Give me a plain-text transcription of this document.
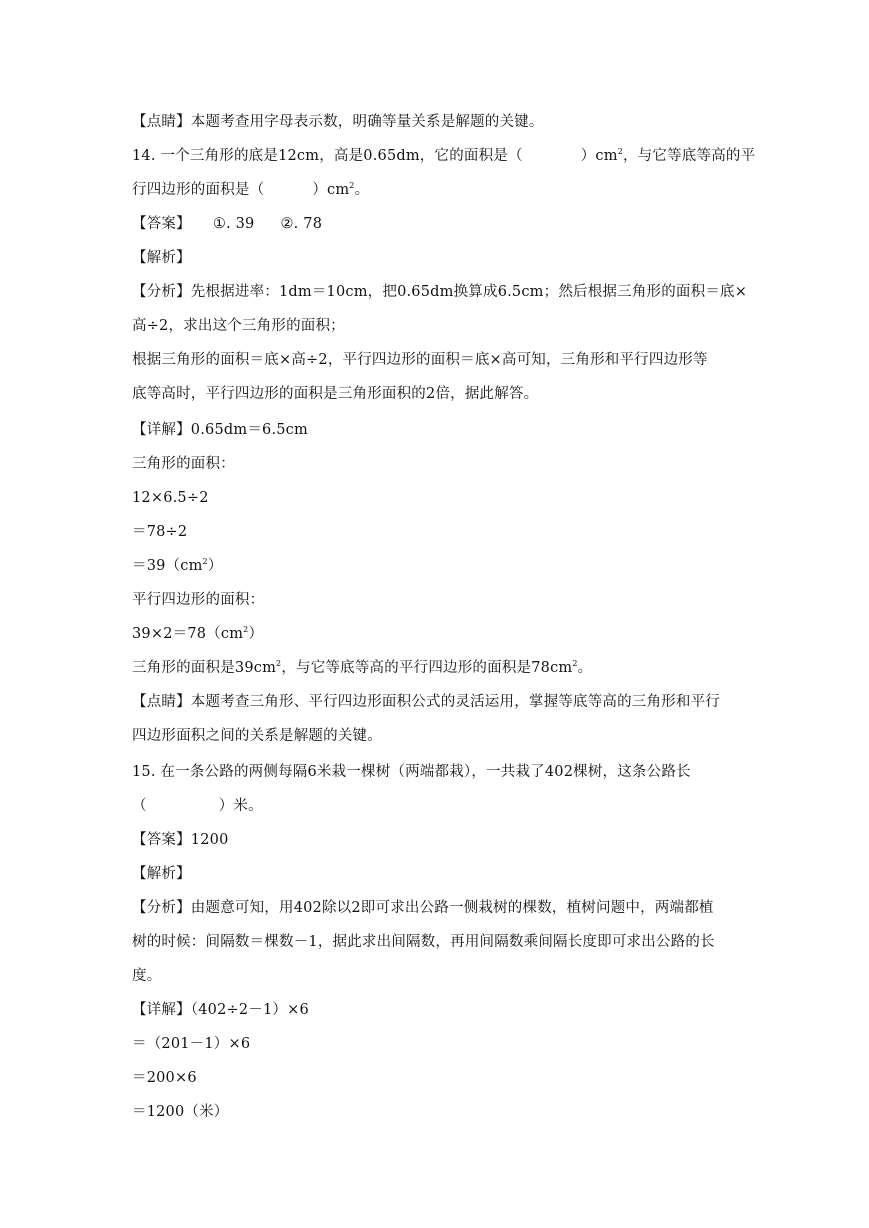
【点睛】本题考查用字母表示数，明确等量关系是解题的关键。
14. 一个三角形的底是12cm，高是0.65dm，它的面积是（	）$cm^2$，与它等底等高的平
行四边形的面积是（	）$cm^2$。
【答案】 ①. 39 ②. 78
【解析】
【分析】先根据进率：1dm＝10cm，把0.65dm换算成6.5cm；然后根据三角形的面积＝底×
高÷2，求出这个三角形的面积；
根据三角形的面积＝底×高÷2，平行四边形的面积＝底×高可知，三角形和平行四边形等
底等高时，平行四边形的面积是三角形面积的2倍，据此解答。
【详解】0.65dm＝6.5cm
三角形的面积：
12×6.5÷2
＝78÷2
$=39(cm^2)$
平行四边形的面积：
$39\times 2=78(cm^2)$
三角形的面积是$39cm^2$，与它等底等高的平行四边形的面积是$78cm^2$。
【点睛】本题考查三角形、平行四边形面积公式的灵活运用，掌握等底等高的三角形和平行
四边形面积之间的关系是解题的关键。
15. 在一条公路的两侧每隔6米栽一棵树（两端都栽），一共栽了402棵树，这条公路长
（	）米。
【答案】1200
【解析】
【分析】由题意可知，用402除以2即可求出公路一侧栽树的棵数，植树问题中，两端都植
树的时候：间隔数＝棵数－1，据此求出间隔数，再用间隔数乘间隔长度即可求出公路的长
度。
【详解】（402÷2－1）×6
＝（201－1）×6
＝200×6
＝1200（米）
